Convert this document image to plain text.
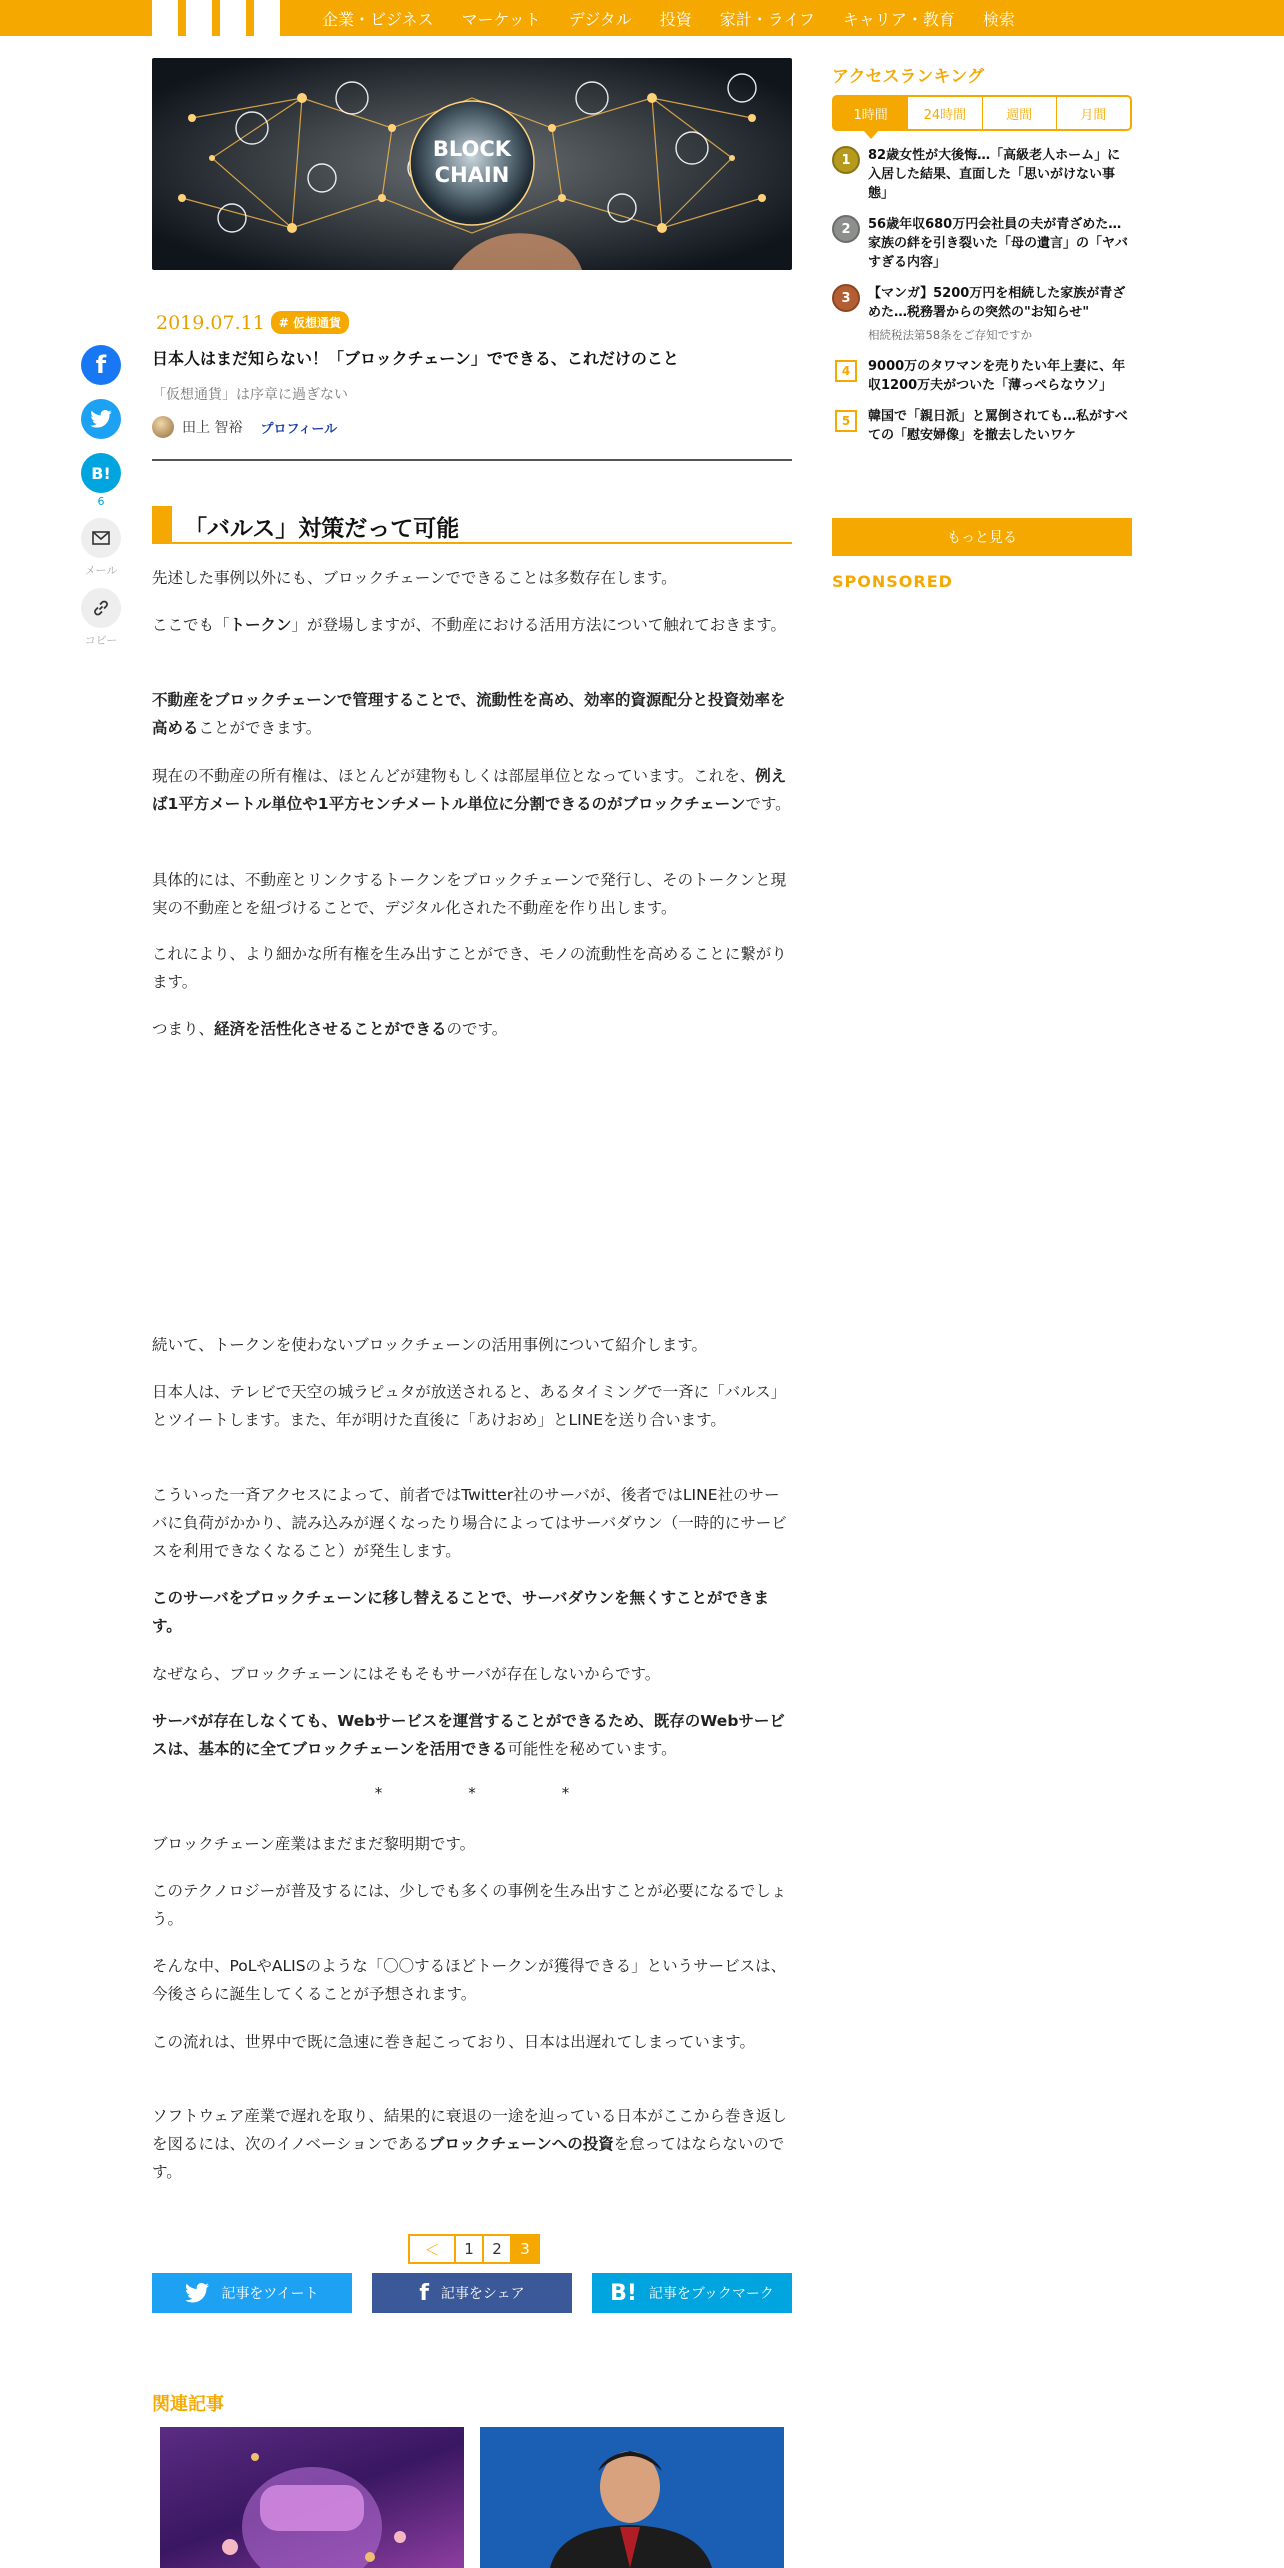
企業・ビジネス マーケット デジタル 投資 家計・ライフ キャリア・教育 検索
f
B!
6
メール
コピー
BLOCK
CHAIN
2019.07.11	# 仮想通貨
日本人はまだ知らない！「ブロックチェーン」でできる、これだけのこと
「仮想通貨」は序章に過ぎない
田上 智裕 プロフィール
「バルス」対策だって可能

先述した事例以外にも、ブロックチェーンでできることは多数存在します。

ここでも「トークン」が登場しますが、不動産における活用方法について触れておきます。

不動産をブロックチェーンで管理することで、流動性を高め、効率的資源配分と投資効率を高めることができます。

現在の不動産の所有権は、ほとんどが建物もしくは部屋単位となっています。これを、例えば1平方メートル単位や1平方センチメートル単位に分割できるのがブロックチェーンです。

具体的には、不動産とリンクするトークンをブロックチェーンで発行し、そのトークンと現実の不動産とを紐づけることで、デジタル化された不動産を作り出します。

これにより、より細かな所有権を生み出すことができ、モノの流動性を高めることに繋がります。

つまり、経済を活性化させることができるのです。

続いて、トークンを使わないブロックチェーンの活用事例について紹介します。

日本人は、テレビで天空の城ラピュタが放送されると、あるタイミングで一斉に「バルス」とツイートします。また、年が明けた直後に「あけおめ」とLINEを送り合います。

こういった一斉アクセスによって、前者ではTwitter社のサーバが、後者ではLINE社のサーバに負荷がかかり、読み込みが遅くなったり場合によってはサーバダウン（一時的にサービスを利用できなくなること）が発生します。

このサーバをブロックチェーンに移し替えることで、サーバダウンを無くすことができます。

なぜなら、ブロックチェーンにはそもそもサーバが存在しないからです。

サーバが存在しなくても、Webサービスを運営することができるため、既存のWebサービスは、基本的に全てブロックチェーンを活用できる可能性を秘めています。

*	*	*

ブロックチェーン産業はまだまだ黎明期です。

このテクノロジーが普及するには、少しでも多くの事例を生み出すことが必要になるでしょう。

そんな中、PoLやALISのような「〇〇するほどトークンが獲得できる」というサービスは、今後さらに誕生してくることが予想されます。

この流れは、世界中で既に急速に巻き起こっており、日本は出遅れてしまっています。

ソフトウェア産業で遅れを取り、結果的に衰退の一途を辿っている日本がここから巻き返しを図るには、次のイノベーションであるブロックチェーンへの投資を怠ってはならないのです。

＜	1	2	3
記事をツイート	f 記事をシェア	B! 記事をブックマーク
関連記事
アクセスランキング
1時間	24時間	週間	月間
1	82歳女性が大後悔…「高級老人ホーム」に入居した結果、直面した「思いがけない事態」
2	56歳年収680万円会社員の夫が青ざめた…家族の絆を引き裂いた「母の遺言」の「ヤバすぎる内容」
3	【マンガ】5200万円を相続した家族が青ざめた…税務署からの突然の"お知らせ"
相続税法第58条をご存知ですか
4	9000万のタワマンを売りたい年上妻に、年収1200万夫がついた「薄っぺらなウソ」
5	韓国で「親日派」と罵倒されても…私がすべての「慰安婦像」を撤去したいワケ
もっと見る
SPONSORED
